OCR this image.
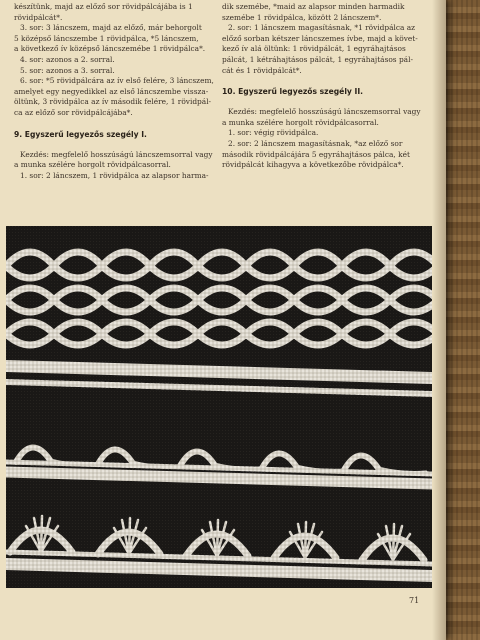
készítünk, majd az előző sor rövidpálcájába is 1

rövidpálcát*.

3. sor: 3 láncszem, majd az előző, már behorgolt

5 középső láncszembe 1 rövidpálca, *5 láncszem,

a következő ív középső láncszemébe 1 rövidpálca*.

4. sor: azonos a 2. sorral.

5. sor: azonos a 3. sorral.

6. sor: *5 rövidpálcára az ív első felére, 3 láncszem,

amelyet egy negyedikkel az első láncszembe vissza-

öltünk, 3 rövidpálca az ív második felére, 1 rövidpál-

ca az előző sor rövidpálcájába*.

9. Egyszerű legyezős szegély I.

Kezdés: megfelelő hosszúságú láncszemsorral vagy

a munka szélére horgolt rövidpálcasorral.

1. sor: 2 láncszem, 1 rövidpálca az alapsor harma-

dik szemébe, *maid az alapsor minden harmadik

szemébe 1 rövidpálca, között 2 láncszem*.

2. sor: 1 láncszem magasításnak, *1 rövidpálca az

előző sorban kétszer láncszemes ívbe, majd a követ-

kező ív alá öltünk: 1 rövidpálcát, 1 egyráhajtásos

pálcát, 1 kétráhajtásos pálcát, 1 egyráhajtásos pál-

cát és 1 rövidpálcát*.

10. Egyszerű legyezős szegély II.

Kezdés: megfelelő hosszúságú láncszemsorral vagy

a munka szélére horgolt rövidpálcasorral.

1. sor: végig rövidpálca.

2. sor: 2 láncszem magasításnak, *az előző sor

második rövidpálcájára 5 egyráhajtásos pálca, két

rövidpálcát kihagyva a következőbe rövidpálca*.

71
